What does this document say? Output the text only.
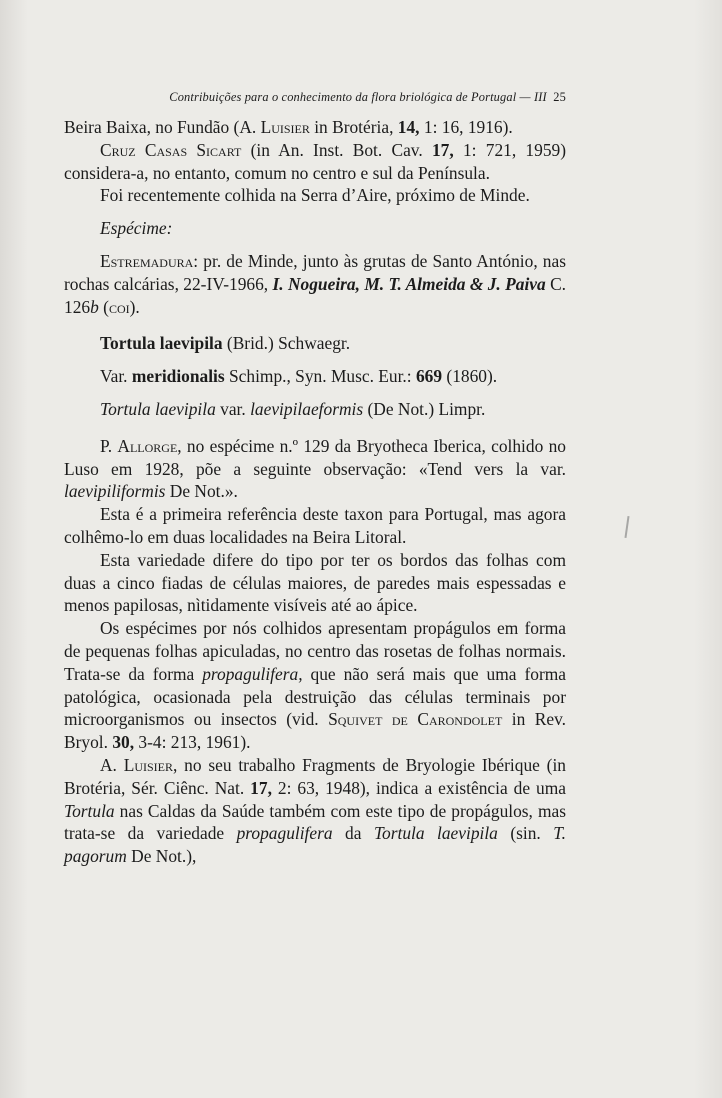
Contribuições para o conhecimento da flora briológica de Portugal — III 25

Beira Baixa, no Fundão (A. Luisier in Brotéria, 14, 1: 16, 1916).

Cruz Casas Sicart (in An. Inst. Bot. Cav. 17, 1: 721, 1959) considera-a, no entanto, comum no centro e sul da Península.

Foi recentemente colhida na Serra d’Aire, próximo de Minde.

Espécime:

Estremadura: pr. de Minde, junto às grutas de Santo António, nas rochas calcárias, 22-IV-1966, I. Nogueira, M. T. Almeida & J. Paiva C. 126b (coi).

Tortula laevipila (Brid.) Schwaegr.

Var. meridionalis Schimp., Syn. Musc. Eur.: 669 (1860).

Tortula laevipila var. laevipilaeformis (De Not.) Limpr.

P. Allorge, no espécime n.º 129 da Bryotheca Iberica, colhido no Luso em 1928, põe a seguinte observação: «Tend vers la var. laevipiliformis De Not.».

Esta é a primeira referência deste taxon para Portugal, mas agora colhêmo-lo em duas localidades na Beira Litoral.

Esta variedade difere do tipo por ter os bordos das folhas com duas a cinco fiadas de células maiores, de paredes mais espessadas e menos papilosas, nìtidamente visíveis até ao ápice.

Os espécimes por nós colhidos apresentam propágulos em forma de pequenas folhas apiculadas, no centro das rosetas de folhas normais. Trata-se da forma propagulifera, que não será mais que uma forma patológica, ocasionada pela destruição das células terminais por microorganismos ou insectos (vid. Squivet de Carondolet in Rev. Bryol. 30, 3-4: 213, 1961).

A. Luisier, no seu trabalho Fragments de Bryologie Ibérique (in Brotéria, Sér. Ciênc. Nat. 17, 2: 63, 1948), indica a existência de uma Tortula nas Caldas da Saúde também com este tipo de propágulos, mas trata-se da variedade propagulifera da Tortula laevipila (sin. T. pagorum De Not.),
